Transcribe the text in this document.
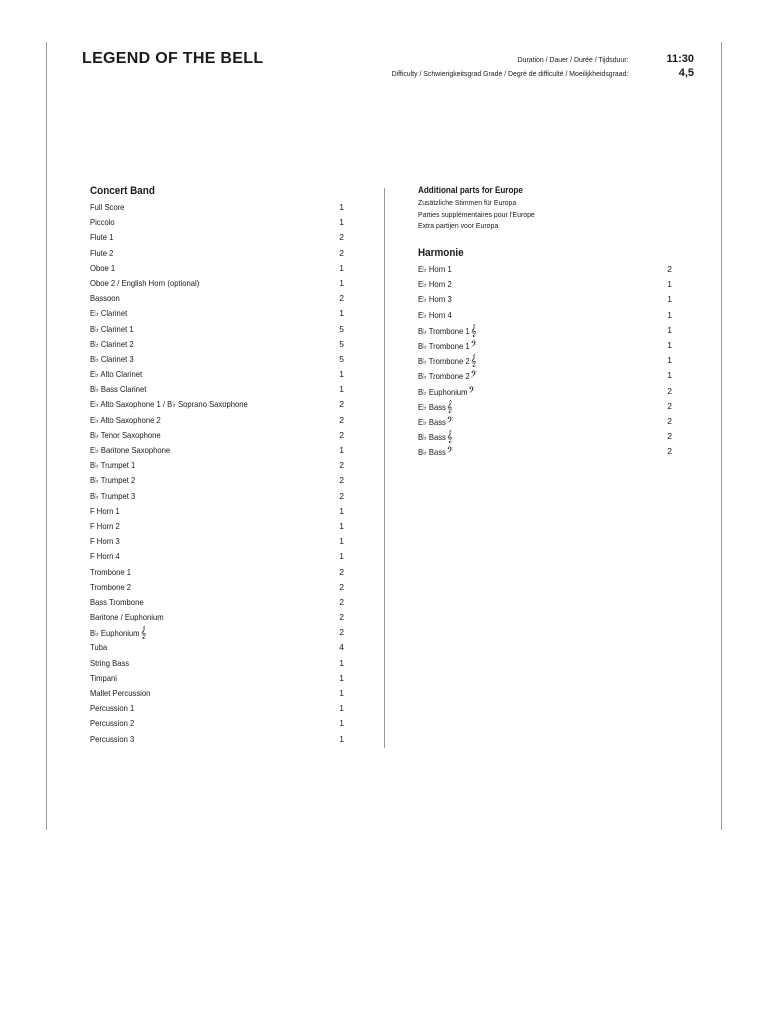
LEGEND OF THE BELL	Duration / Dauer / Durée / Tijdsduur:	11:30
Difficulty / Schwierigkeitsgrad Grade / Degré de difficulté / Moeilijkheidsgraad:	4,5
Concert Band
Full Score	1
Piccolo	1
Flute 1	2
Flute 2	2
Oboe 1	1
Oboe 2 / English Horn (optional)	1
Bassoon	2
E♭ Clarinet	1
B♭ Clarinet 1	5
B♭ Clarinet 2	5
B♭ Clarinet 3	5
E♭ Alto Clarinet	1
B♭ Bass Clarinet	1
E♭ Alto Saxophone 1 / B♭ Soprano Saxophone	2
E♭ Alto Saxophone 2	2
B♭ Tenor Saxophone	2
E♭ Baritone Saxophone	1
B♭ Trumpet 1	2
B♭ Trumpet 2	2
B♭ Trumpet 3	2
F Horn 1	1
F Horn 2	1
F Horn 3	1
F Horn 4	1
Trombone 1	2
Trombone 2	2
Bass Trombone	2
Baritone / Euphonium	2
B♭ Euphonium𝄞	2
Tuba	4
String Bass	1
Timpani	1
Mallet Percussion	1
Percussion 1	1
Percussion 2	1
Percussion 3	1
Additional parts for Europe
Zusätzliche Stimmen für Europa
Parties supplémentaires pour l'Europe
Extra partijen voor Europa
Harmonie
E♭ Horn 1	2
E♭ Horn 2	1
E♭ Horn 3	1
E♭ Horn 4	1
B♭ Trombone 1𝄞	1
B♭ Trombone 1𝄢	1
B♭ Trombone 2𝄞	1
B♭ Trombone 2𝄢	1
B♭ Euphonium𝄢	2
E♭ Bass𝄞	2
E♭ Bass𝄢	2
B♭ Bass𝄞	2
B♭ Bass𝄢	2
